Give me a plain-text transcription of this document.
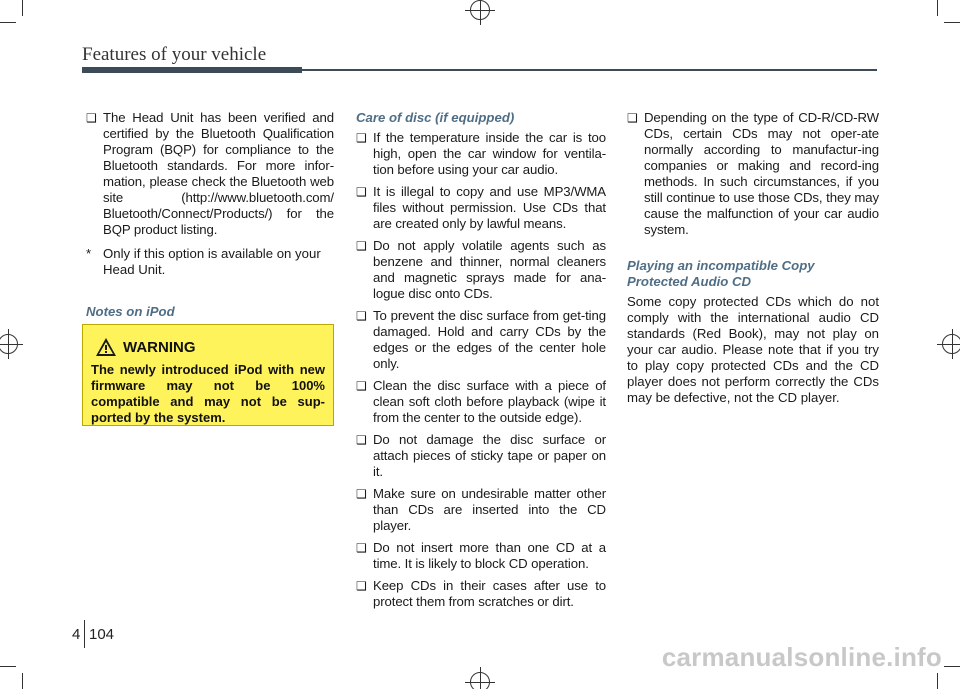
Features of your vehicle
❑ The Head Unit has been verified and certified by the Bluetooth Qualification Program (BQP) for compliance to the Bluetooth standards. For more infor-mation, please check the Bluetooth web site (http://www.bluetooth.com/ Bluetooth/Connect/Products/) for the BQP product listing.
* Only if this option is available on your Head Unit.
Notes on iPod
WARNING
The newly introduced iPod with new firmware may not be 100% compatible and may not be sup-ported by the system.
Care of disc (if equipped)
❑ If the temperature inside the car is too high, open the car window for ventila-tion before using your car audio.
❑ It is illegal to copy and use MP3/WMA files without permission. Use CDs that are created only by lawful means.
❑ Do not apply volatile agents such as benzene and thinner, normal cleaners and magnetic sprays made for ana-logue disc onto CDs.
❑ To prevent the disc surface from get-ting damaged. Hold and carry CDs by the edges or the edges of the center hole only.
❑ Clean the disc surface with a piece of clean soft cloth before playback (wipe it from the center to the outside edge).
❑ Do not damage the disc surface or attach pieces of sticky tape or paper on it.
❑ Make sure on undesirable matter other than CDs are inserted into the CD player.
❑ Do not insert more than one CD at a time. It is likely to block CD operation.
❑ Keep CDs in their cases after use to protect them from scratches or dirt.
❑ Depending on the type of CD-R/CD-RW CDs, certain CDs may not oper-ate normally according to manufactur-ing companies or making and record-ing methods. In such circumstances, if you still continue to use those CDs, they may cause the malfunction of your car audio system.
Playing an incompatible Copy
Protected Audio CD
Some copy protected CDs which do not comply with the international audio CD standards (Red Book), may not play on your car audio. Please note that if you try to play copy protected CDs and the CD player does not perform correctly the CDs may be defective, not the CD player.
4 104
carmanualsonline.info
